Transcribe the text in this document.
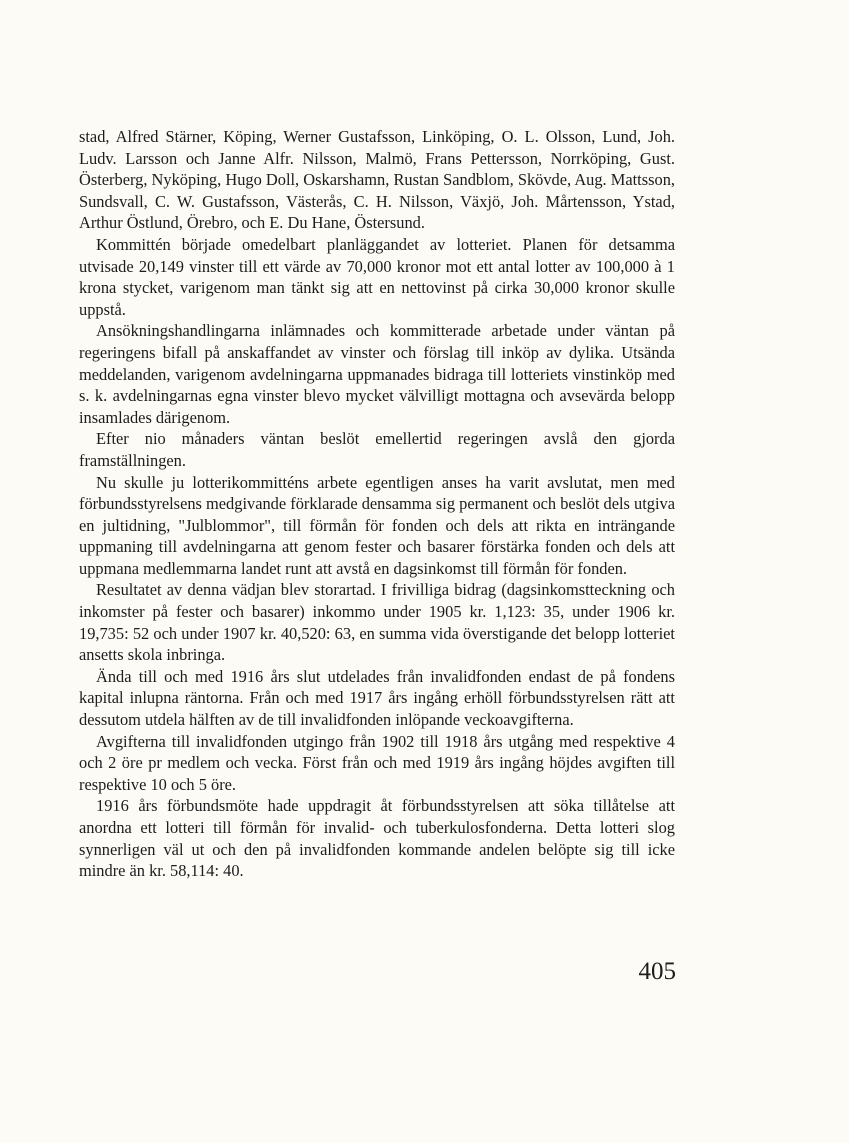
stad, Alfred Stärner, Köping, Werner Gustafsson, Linköping, O. L. Olsson, Lund, Joh. Ludv. Larsson och Janne Alfr. Nilsson, Malmö, Frans Pettersson, Norrköping, Gust. Österberg, Nyköping, Hugo Doll, Oskarshamn, Rustan Sandblom, Skövde, Aug. Mattsson, Sundsvall, C. W. Gustafsson, Västerås, C. H. Nilsson, Växjö, Joh. Mårtensson, Ystad, Arthur Östlund, Örebro, och E. Du Hane, Östersund.

Kommittén började omedelbart planläggandet av lotteriet. Planen för detsamma utvisade 20,149 vinster till ett värde av 70,000 kronor mot ett antal lotter av 100,000 à 1 krona stycket, varigenom man tänkt sig att en nettovinst på cirka 30,000 kronor skulle uppstå.

Ansökningshandlingarna inlämnades och kommitterade arbetade under väntan på regeringens bifall på anskaffandet av vinster och förslag till inköp av dylika. Utsända meddelanden, varigenom avdelningarna uppmanades bidraga till lotteriets vinstinköp med s. k. avdelningarnas egna vinster blevo mycket välvilligt mottagna och avsevärda belopp insamlades därigenom.

Efter nio månaders väntan beslöt emellertid regeringen avslå den gjorda framställningen.

Nu skulle ju lotterikommitténs arbete egentligen anses ha varit avslutat, men med förbundsstyrelsens medgivande förklarade densamma sig permanent och beslöt dels utgiva en jultidning, "Julblommor", till förmån för fonden och dels att rikta en inträngande uppmaning till avdelningarna att genom fester och basarer förstärka fonden och dels att uppmana medlemmarna landet runt att avstå en dagsinkomst till förmån för fonden.

Resultatet av denna vädjan blev storartad. I frivilliga bidrag (dagsinkomstteckning och inkomster på fester och basarer) inkommo under 1905 kr. 1,123: 35, under 1906 kr. 19,735: 52 och under 1907 kr. 40,520: 63, en summa vida överstigande det belopp lotteriet ansetts skola inbringa.

Ända till och med 1916 års slut utdelades från invalidfonden endast de på fondens kapital inlupna räntorna. Från och med 1917 års ingång erhöll förbundsstyrelsen rätt att dessutom utdela hälften av de till invalidfonden inlöpande veckoavgifterna.

Avgifterna till invalidfonden utgingo från 1902 till 1918 års utgång med respektive 4 och 2 öre pr medlem och vecka. Först från och med 1919 års ingång höjdes avgiften till respektive 10 och 5 öre.

1916 års förbundsmöte hade uppdragit åt förbundsstyrelsen att söka tillåtelse att anordna ett lotteri till förmån för invalid- och tuberkulosfonderna. Detta lotteri slog synnerligen väl ut och den på invalidfonden kommande andelen belöpte sig till icke mindre än kr. 58,114: 40.

405
